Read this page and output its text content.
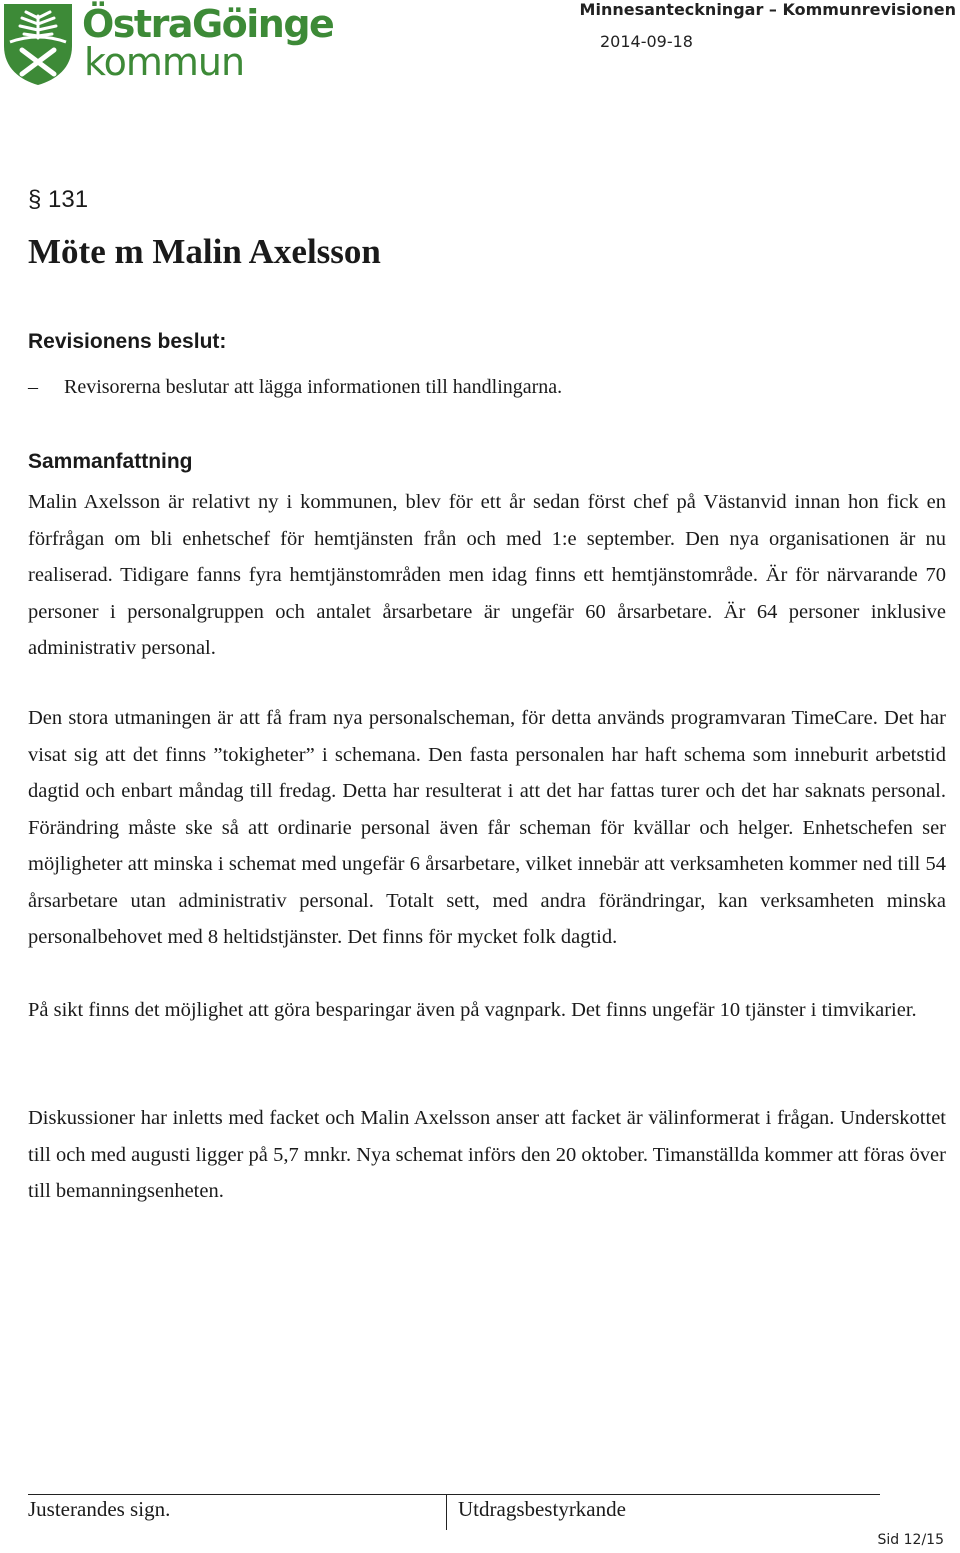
ÖstraGöinge
kommun
Minnesanteckningar – Kommunrevisionen
2014-09-18
§ 131
Möte m Malin Axelsson
Revisionens beslut:
– Revisorerna beslutar att lägga informationen till handlingarna.
Sammanfattning

Malin Axelsson är relativt ny i kommunen, blev för ett år sedan först chef på Västanvid innan hon fick en förfrågan om bli enhetschef för hemtjänsten från och med 1:e september. Den nya organisationen är nu realiserad. Tidigare fanns fyra hemtjänstområden men idag finns ett hemtjänstområde. Är för närvarande 70 personer i personalgruppen och antalet årsarbetare är ungefär 60 årsarbetare. Är 64 personer inklusive administrativ personal.

Den stora utmaningen är att få fram nya personalscheman, för detta används programvaran TimeCare. Det har visat sig att det finns ”tokigheter” i schemana. Den fasta personalen har haft schema som inneburit arbetstid dagtid och enbart måndag till fredag. Detta har resulterat i att det har fattas turer och det har saknats personal. Förändring måste ske så att ordinarie personal även får scheman för kvällar och helger. Enhetschefen ser möjligheter att minska i schemat med ungefär 6 årsarbetare, vilket innebär att verksamheten kommer ned till 54 årsarbetare utan administrativ personal. Totalt sett, med andra förändringar, kan verksamheten minska personalbehovet med 8 heltidstjänster. Det finns för mycket folk dagtid.

På sikt finns det möjlighet att göra besparingar även på vagnpark. Det finns ungefär 10 tjänster i timvikarier.

Diskussioner har inletts med facket och Malin Axelsson anser att facket är välinformerat i frågan. Underskottet till och med augusti ligger på 5,7 mnkr. Nya schemat införs den 20 oktober. Timanställda kommer att föras över till bemanningsenheten.

Justerandes sign.	Utdragsbestyrkande
Sid 12/15
